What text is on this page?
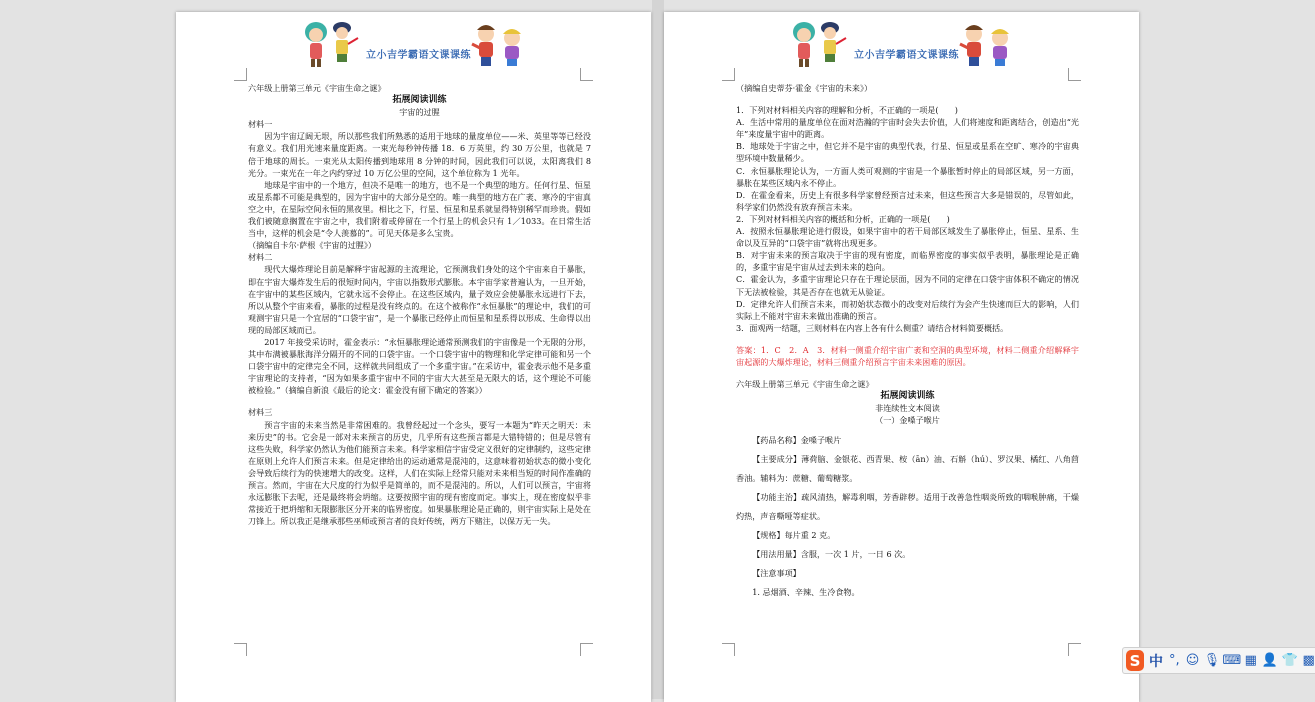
立小吉学霸语文课课练

六年级上册第三单元《宇宙生命之谜》

拓展阅读训练

宇宙的过腥

材料一

因为宇宙辽阔无垠，所以那些我们所熟悉的适用于地球的量度单位——米、英里等等已经没有意义。我们用光速来量度距离。一束光每秒钟传播 18．6 万英里，约 30 万公里，也就是 7 倍于地球的周长。一束光从太阳传播到地球用 8 分钟的时间，因此我们可以说，太阳离我们 8 光分。一束光在一年之内约穿过 10 万亿公里的空间，这个单位称为 1 光年。

地球是宇宙中的一个地方，但决不是唯一的地方，也不是一个典型的地方。任何行星、恒星或星系都不可能是典型的，因为宇宙中的大部分是空的。唯一典型的地方在广袤、寒冷的宇宙真空之中，在星际空间永恒的黑夜里。相比之下，行星、恒星和星系就显得特别稀罕而珍贵。假如我们被随意搁置在宇宙之中，我们附着或停留在一个行星上的机会只有 1／1033。在日常生活当中，这样的机会是“令人羡慕的”。可见天体是多么宝贵。

（摘编自卡尔·萨根《宇宙的过腥》）

材料二

现代大爆炸理论目前是解释宇宙起源的主流理论，它预测我们身处的这个宇宙来自于暴胀，即在宇宙大爆炸发生后的很短时间内，宇宙以指数形式膨胀。本宇宙学家普遍认为，一旦开始，在宇宙中的某些区域内，它就永远不会停止。在这些区域内，量子效应会使暴胀永远进行下去，所以从整个宇宙来看，暴胀的过程是没有终点的。在这个被称作“永恒暴胀”的理论中，我们的可观测宇宙只是一个宜居的“口袋宇宙”，是一个暴胀已经停止而恒星和星系得以形成、生命得以出现的局部区域而已。

2017 年接受采访时，霍金表示：“永恒暴胀理论通常预测我们的宇宙像是一个无限的分形，其中布满被暴胀海洋分隔开的不同的口袋宇宙。一个口袋宇宙中的物理和化学定律可能和另一个口袋宇宙中的定律完全不同，这样就共同组成了一个多重宇宙。”在采访中，霍金表示他不是多重宇宙理论的支持者，“因为如果多重宇宙中不同的宇宙大大甚至是无限大的话，这个理论不可能被检验。”（摘编自新浪《最后的论文：霍金没有留下确定的答案》）

材料三

预言宇宙的未来当然是非常困难的。我曾经起过一个念头，要写一本题为“昨天之明天：未来历史”的书。它会是一部对未来预言的历史，几乎所有这些预言都是大错特错的；但是尽管有这些失败，科学家仍然认为他们能预言未来。科学家相信宇宙受定义很好的定律制约，这些定律在原则上允许人们预言未来。但是定律给出的运动通常是混沌的，这意味着初始状态的微小变化会导致后续行为的快速增大的改变。这样，人们在实际上经常只能对未来相当短的时间作准确的预言。然而，宇宙在大尺度的行为似乎是简单的，而不是混沌的。所以，人们可以预言，宇宙将永远膨胀下去呢，还是最终将会坍缩。这要按照宇宙的现有密度而定。事实上，现在密度似乎非常接近于把坍缩和无限膨胀区分开来的临界密度。如果暴胀理论是正确的，则宇宙实际上是处在刀锋上。所以我正是继承那些巫师或预言者的良好传统，两方下赌注，以保万无一失。

立小吉学霸语文课课练

（摘编自史蒂芬·霍金《宇宙的未来》）

1．下列对材料相关内容的理解和分析，不正确的一项是(　　)

A．生活中常用的量度单位在面对浩瀚的宇宙时会失去价值，人们将速度和距离结合，创造出“光年”来度量宇宙中的距离。

B．地球处于宇宙之中，但它并不是宇宙的典型代表，行星、恒星或星系在空旷、寒冷的宇宙典型环境中数量稀少。

C．永恒暴胀理论认为，一方面人类可观测的宇宙是一个暴胀暂时停止的局部区域，另一方面，暴胀在某些区域内永不停止。

D．在霍金看来，历史上有很多科学家曾经预言过未来，但这些预言大多是错误的，尽管如此，科学家们仍然没有放弃预言未来。

2．下列对材料相关内容的概括和分析，正确的一项是(　　)

A．按照永恒暴胀理论进行假设，如果宇宙中的若干局部区域发生了暴胀停止，恒星、星系、生命以及互异的“口袋宇宙”就将出现更多。

B．对宇宙未来的预言取决于宇宙的现有密度，而临界密度的事实似乎表明，暴胀理论是正确的，多重宇宙是宇宙从过去到未来的趋向。

C．霍金认为，多重宇宙理论只存在于理论层面，因为不同的定律在口袋宇宙体积不确定的情况下无法被检验，其是否存在也就无从验证。

D．定律允许人们预言未来，而初始状态微小的改变对后续行为会产生快速而巨大的影响，人们实际上不能对宇宙未来做出准确的预言。

3．面观两一结题，三则材料在内容上各有什么侧重？请结合材料简要概括。

答案：1．C　2．A　3．材料一侧重介绍宇宙广袤和空洞的典型环境，材料二侧重介绍解释宇宙起源的大爆炸理论，材料三侧重介绍预言宇宙未来困难的原因。

六年级上册第三单元《宇宙生命之谜》

拓展阅读训练

非连续性文本阅读

（一）金嗓子喉片

【药品名称】金嗓子喉片

【主要成分】薄荷脑、金银花、西青果、桉（ān）油、石斛（hú）、罗汉果、橘红、八角茴香油。辅料为：蔗糖、葡萄糖浆。

【功能主治】疏风清热，解毒利咽，芳香辟秽。适用于改善急性咽炎所致的咽喉肿痛，干燥灼热，声音嘶哑等症状。

【规格】每片重 2 克。

【用法用量】含服，一次 1 片，一日 6 次。

【注意事项】

1. 忌烟酒、辛辣、生冷食物。

S 中 °, ☺ 🎙 ⌨ ▦ 👤 👕 ▩
